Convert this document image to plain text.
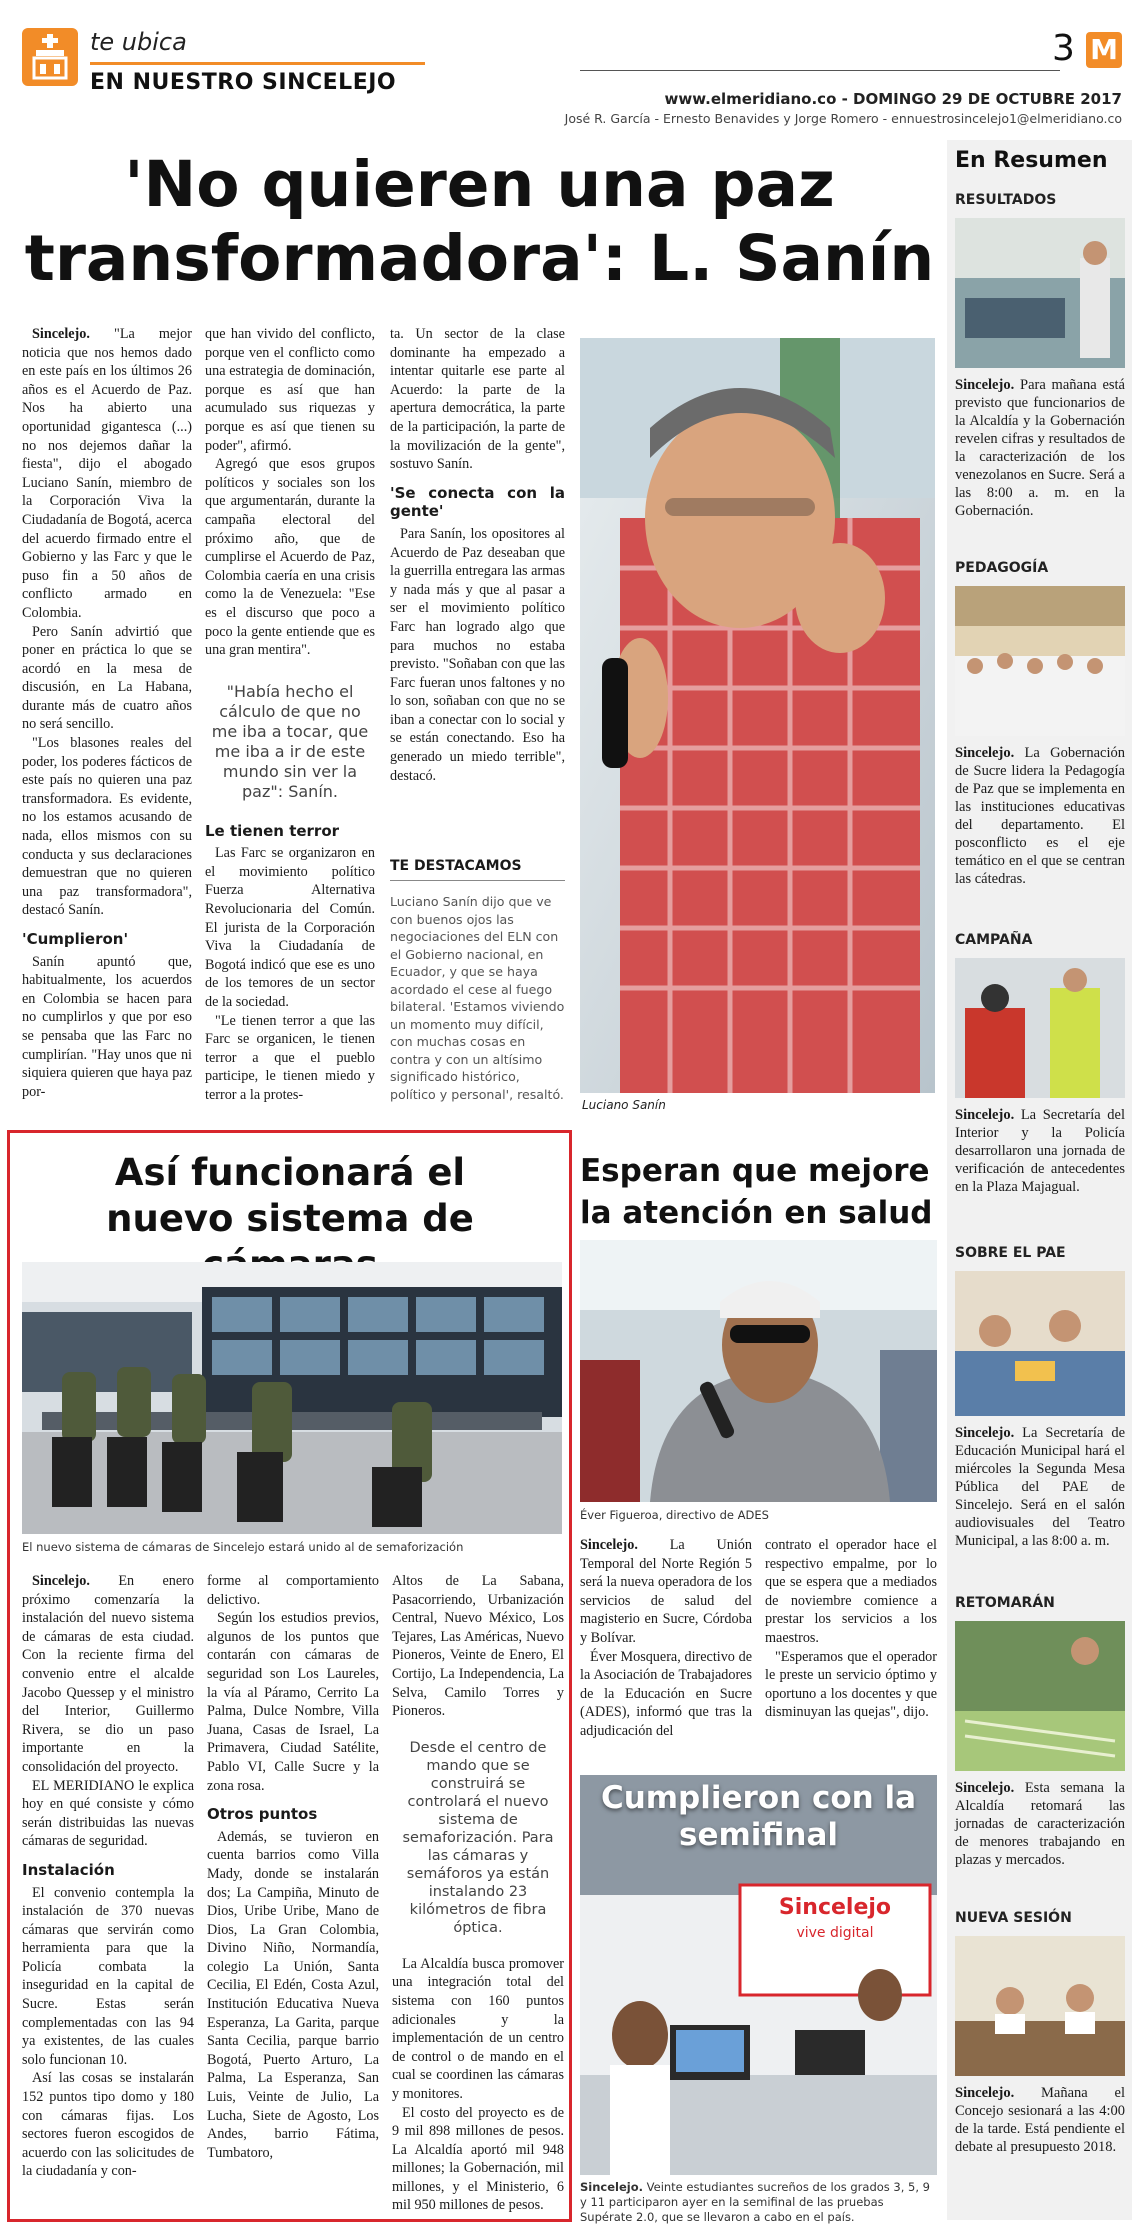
te ubica
EN NUESTRO SINCELEJO
3 M
www.elmeridiano.co - DOMINGO 29 DE OCTUBRE 2017
José R. García - Ernesto Benavides y Jorge Romero - ennuestrosincelejo1@elmeridiano.co
'No quieren una paz transformadora': L. Sanín

Sincelejo. "La mejor noticia que nos hemos dado en este país en los últimos 26 años es el Acuerdo de Paz. Nos ha abierto una oportunidad gigantesca (...) no nos dejemos dañar la fiesta", dijo el abogado Luciano Sanín, miembro de la Corporación Viva la Ciudadanía de Bogotá, acerca del acuerdo firmado entre el Gobierno y las Farc y que le puso fin a 50 años de conflicto armado en Colombia.

Pero Sanín advirtió que poner en práctica lo que se acordó en la mesa de discusión, en La Habana, durante más de cuatro años no será sencillo.

"Los blasones reales del poder, los poderes fácticos de este país no quieren una paz transformadora. Es evidente, no los estamos acusando de nada, ellos mismos con su conducta y sus declaraciones demuestran que no quieren una paz transformadora", destacó Sanín.

'Cumplieron'

Sanín apuntó que, habitualmente, los acuerdos en Colombia se hacen para no cumplirlos y que por eso se pensaba que las Farc no cumplirían. "Hay unos que ni siquiera quieren que haya paz por-

que han vivido del conflicto, porque ven el conflicto como una estrategia de dominación, porque es así que han acumulado sus riquezas y porque es así que tienen su poder", afirmó.

Agregó que esos grupos políticos y sociales son los que argumentarán, durante la campaña electoral del próximo año, que de cumplirse el Acuerdo de Paz, Colombia caería en una crisis como la de Venezuela: "Ese es el discurso que poco a poco la gente entiende que es una gran mentira".

"Había hecho el cálculo de que no me iba a tocar, que me iba a ir de este mundo sin ver la paz": Sanín.
Le tienen terror

Las Farc se organizaron en el movimiento político Fuerza Alternativa Revolucionaria del Común. El jurista de la Corporación Viva la Ciudadanía de Bogotá indicó que ese es uno de los temores de un sector de la sociedad.

"Le tienen terror a que las Farc se organicen, le tienen terror a que el pueblo participe, le tienen miedo y terror a la protes-

ta. Un sector de la clase dominante ha empezado a intentar quitarle ese parte al Acuerdo: la parte de la apertura democrática, la parte de la participación, la parte de la movilización de la gente", sostuvo Sanín.

'Se conecta con la gente'

Para Sanín, los opositores al Acuerdo de Paz deseaban que la guerrilla entregara las armas y nada más y que al pasar a ser el movimiento político Farc han logrado algo que para muchos no estaba previsto. "Soñaban con que las Farc fueran unos faltones y no lo son, soñaban con que no se iban a conectar con lo social y se están conectando. Eso ha generado un miedo terrible", destacó.

TE DESTACAMOS
Luciano Sanín dijo que ve con buenos ojos las negociaciones del ELN con el Gobierno nacional, en Ecuador, y que se haya acordado el cese al fuego bilateral. 'Estamos viviendo un momento muy difícil, con muchas cosas en contra y con un altísimo significado histórico, político y personal', resaltó.
Luciano Sanín
En Resumen
RESULTADOS
Sincelejo. Para mañana está previsto que funcionarios de la Alcaldía y la Gobernación revelen cifras y resultados de la caracterización de los venezolanos en Sucre. Será a las 8:00 a. m. en la Gobernación.
PEDAGOGÍA
Sincelejo. La Gobernación de Sucre lidera la Pedagogía de Paz que se implementa en las instituciones educativas del departamento. El posconflicto es el eje temático en el que se centran las cátedras.
CAMPAÑA
Sincelejo. La Secretaría del Interior y la Policía desarrollaron una jornada de verificación de antecedentes en la Plaza Majagual.
SOBRE EL PAE
Sincelejo. La Secretaría de Educación Municipal hará el miércoles la Segunda Mesa Pública del PAE de Sincelejo. Será en el salón audiovisuales del Teatro Municipal, a las 8:00 a. m.
RETOMARÁN
Sincelejo. Esta semana la Alcaldía retomará las jornadas de caracterización de menores trabajando en plazas y mercados.
NUEVA SESIÓN
Sincelejo. Mañana el Concejo sesionará a las 4:00 de la tarde. Está pendiente el debate al presupuesto 2018.
Así funcionará el nuevo sistema de
El nuevo sistema de cámaras de Sincelejo estará unido al de semaforización

Sincelejo. En enero próximo comenzaría la instalación del nuevo sistema de cámaras de esta ciudad. Con la reciente firma del convenio entre el alcalde Jacobo Quessep y el ministro del Interior, Guillermo Rivera, se dio un paso importante en la consolidación del proyecto.

EL MERIDIANO le explica hoy en qué consiste y cómo serán distribuidas las nuevas cámaras de seguridad.

Instalación

El convenio contempla la instalación de 370 nuevas cámaras que servirán como herramienta para que la Policía combata la inseguridad en la capital de Sucre. Estas serán complementadas con las 94 ya existentes, de las cuales solo funcionan 10.

Así las cosas se instalarán 152 puntos tipo domo y 180 con cámaras fijas. Los sectores fueron escogidos de acuerdo con las solicitudes de la ciudadanía y con-

forme al comportamiento delictivo.

Según los estudios previos, algunos de los puntos que contarán con cámaras de seguridad son Los Laureles, la vía al Páramo, Cerrito La Palma, Dulce Nombre, Villa Juana, Casas de Israel, La Primavera, Ciudad Satélite, Pablo VI, Calle Sucre y la zona rosa.

Otros puntos

Además, se tuvieron en cuenta barrios como Villa Mady, donde se instalarán dos; La Campiña, Minuto de Dios, Uribe Uribe, Mano de Dios, La Gran Colombia, Divino Niño, Normandía, colegio La Unión, Santa Cecilia, El Edén, Costa Azul, Institución Educativa Nueva Esperanza, La Garita, parque Santa Cecilia, parque barrio Bogotá, Puerto Arturo, La Palma, La Esperanza, San Luis, Veinte de Julio, La Lucha, Siete de Agosto, Los Andes, barrio Fátima, Tumbatoro,

Altos de La Sabana, Pasacorriendo, Urbanización Central, Nuevo México, Los Tejares, Las Américas, Nuevo Pioneros, Veinte de Enero, El Cortijo, La Independencia, La Selva, Camilo Torres y Pioneros.

Desde el centro de mando que se construirá se controlará el nuevo sistema de semaforización. Para las cámaras y semáforos ya están instalando 23 kilómetros de fibra óptica.

La Alcaldía busca promover una integración total del sistema con 160 puntos adicionales y la implementación de un centro de control o de mando en el cual se coordinen las cámaras y monitores.

El costo del proyecto es de 9 mil 898 millones de pesos. La Alcaldía aportó mil 948 millones; la Gobernación, mil millones, y el Ministerio, 6 mil 950 millones de pesos.

Esperan que mejore la atención en salud
Éver Figueroa, directivo de ADES

Sincelejo. La Unión Temporal del Norte Región 5 será la nueva operadora de los servicios de salud del magisterio en Sucre, Córdoba y Bolívar.

Éver Mosquera, directivo de la Asociación de Trabajadores de la Educación en Sucre (ADES), informó que tras la adjudicación del

contrato el operador hace el respectivo empalme, por lo que se espera que a mediados de noviembre comience a prestar los servicios a los maestros.

"Esperamos que el operador le preste un servicio óptimo y oportuno a los docentes y que disminuyan las quejas", dijo.

Cumplieron con la semifinal
Sincelejo
vive digital
Sincelejo. Veinte estudiantes sucreños de los grados 3, 5, 9 y 11 participaron ayer en la semifinal de las pruebas Supérate 2.0, que se llevaron a cabo en el país.
